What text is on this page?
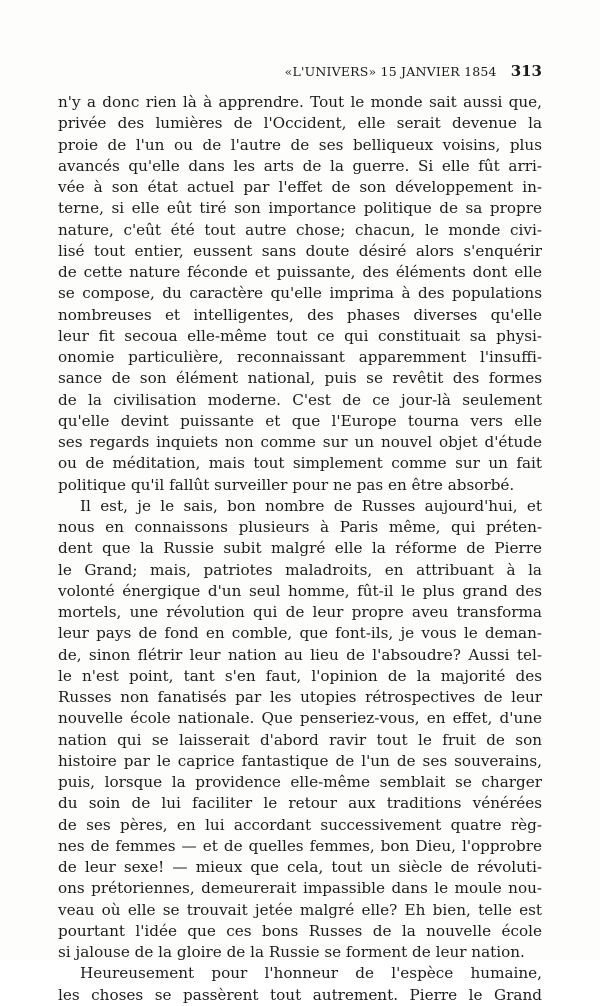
«L'UNIVERS» 15 JANVIER 1854 313
n'y a donc rien là à apprendre. Tout le monde sait aussi que,
privée des lumières de l'Occident, elle serait devenue la
proie de l'un ou de l'autre de ses belliqueux voisins, plus
avancés qu'elle dans les arts de la guerre. Si elle fût arri-
vée à son état actuel par l'effet de son développement in-
terne, si elle eût tiré son importance politique de sa propre
nature, c'eût été tout autre chose; chacun, le monde civi-
lisé tout entier, eussent sans doute désiré alors s'enquérir
de cette nature féconde et puissante, des éléments dont elle
se compose, du caractère qu'elle imprima à des populations
nombreuses et intelligentes, des phases diverses qu'elle
leur fit secoua elle-même tout ce qui constituait sa physi-
onomie particulière, reconnaissant apparemment l'insuffi-
sance de son élément national, puis se revêtit des formes
de la civilisation moderne. C'est de ce jour-là seulement
qu'elle devint puissante et que l'Europe tourna vers elle
ses regards inquiets non comme sur un nouvel objet d'étude
ou de méditation, mais tout simplement comme sur un fait
politique qu'il fallût surveiller pour ne pas en être absorbé.
Il est, je le sais, bon nombre de Russes aujourd'hui, et
nous en connaissons plusieurs à Paris même, qui préten-
dent que la Russie subit malgré elle la réforme de Pierre
le Grand; mais, patriotes maladroits, en attribuant à la
volonté énergique d'un seul homme, fût-il le plus grand des
mortels, une révolution qui de leur propre aveu transforma
leur pays de fond en comble, que font-ils, je vous le deman-
de, sinon flétrir leur nation au lieu de l'absoudre? Aussi tel-
le n'est point, tant s'en faut, l'opinion de la majorité des
Russes non fanatisés par les utopies rétrospectives de leur
nouvelle école nationale. Que penseriez-vous, en effet, d'une
nation qui se laisserait d'abord ravir tout le fruit de son
histoire par le caprice fantastique de l'un de ses souverains,
puis, lorsque la providence elle-même semblait se charger
du soin de lui faciliter le retour aux traditions vénérées
de ses pères, en lui accordant successivement quatre règ-
nes de femmes — et de quelles femmes, bon Dieu, l'opprobre
de leur sexe! — mieux que cela, tout un siècle de révoluti-
ons prétoriennes, demeurerait impassible dans le moule nou-
veau où elle se trouvait jetée malgré elle? Eh bien, telle est
pourtant l'idée que ces bons Russes de la nouvelle école
si jalouse de la gloire de la Russie se forment de leur nation.
Heureusement pour l'honneur de l'espèce humaine,
les choses se passèrent tout autrement. Pierre le Grand
